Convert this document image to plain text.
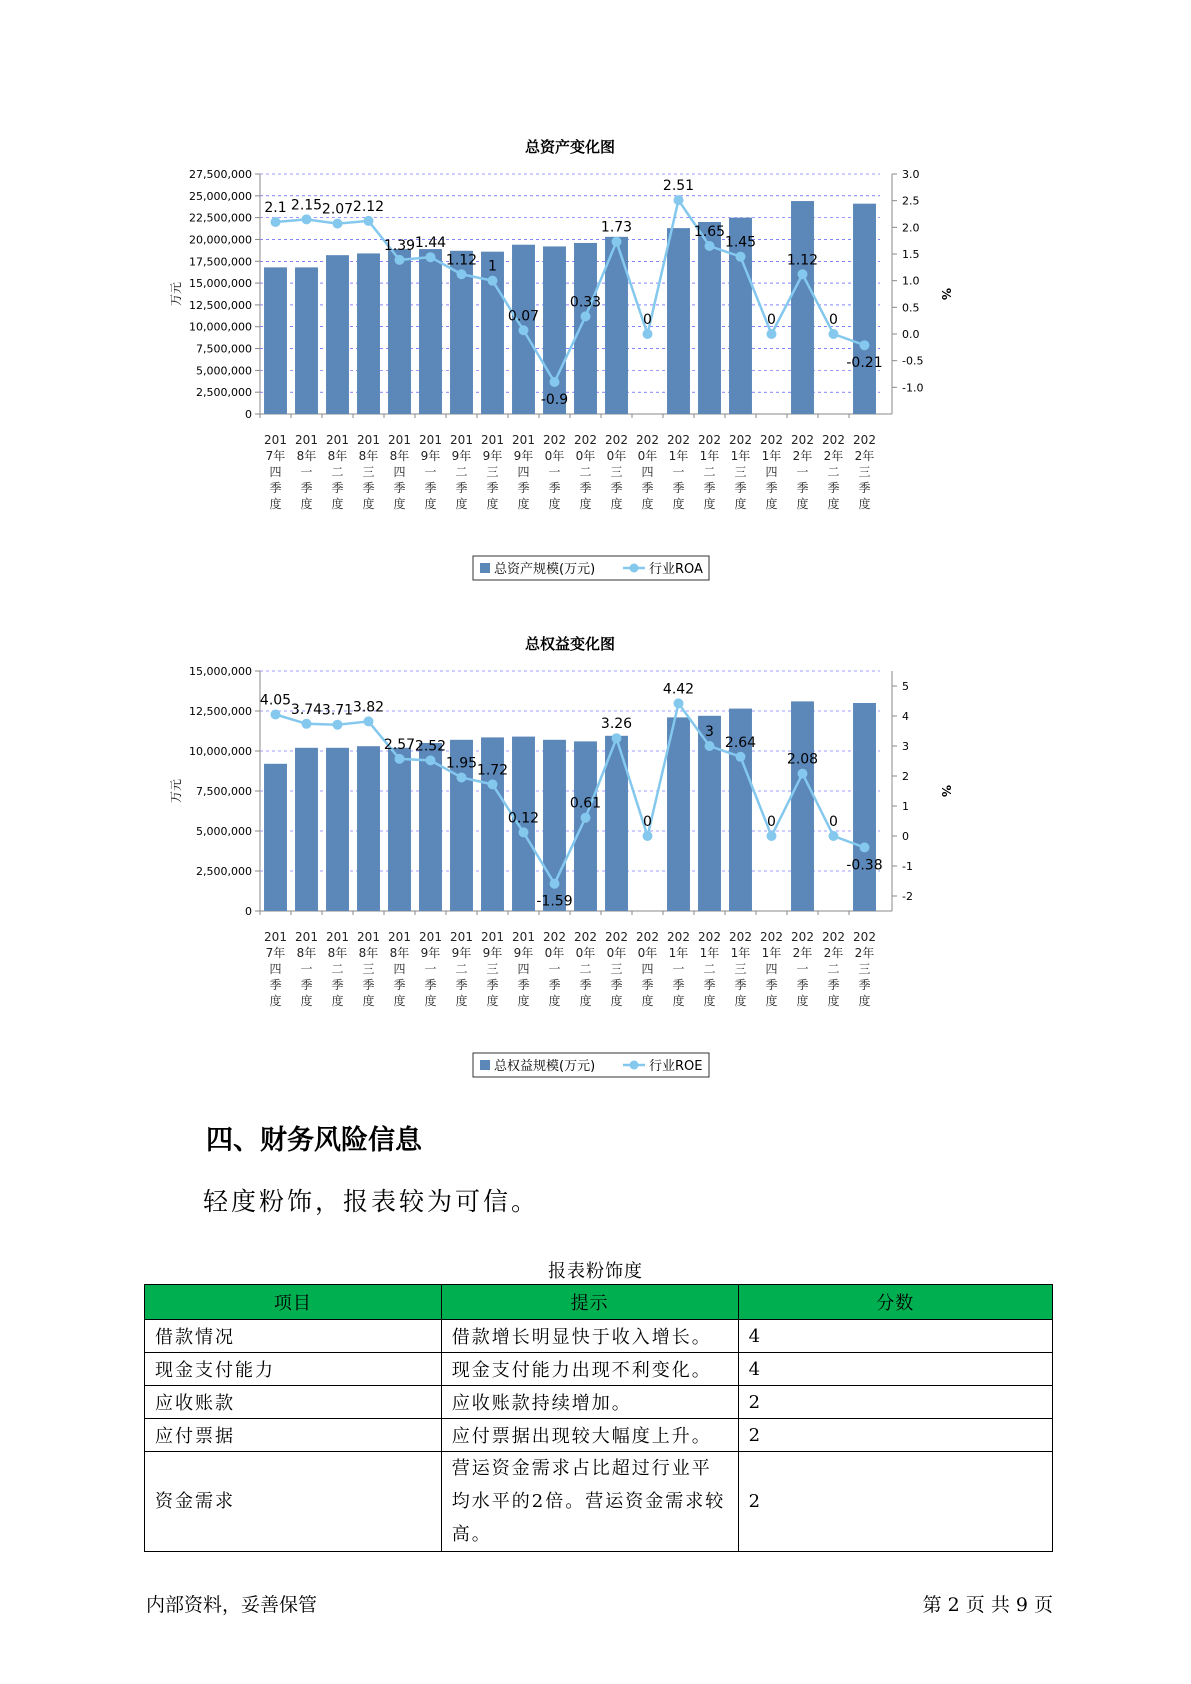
总资产变化图
27,500,000
25,000,000
22,500,000
20,000,000
17,500,000
15,000,000
12,500,000
10,000,000
7,500,000
5,000,000
2,500,000
0
3.0
2.5
2.0
1.5
1.0
0.5
0.0
-0.5
-1.0
万元	%
201
7年
四
季
度
201
8年
一
季
度
201
8年
二
季
度
201
8年
三
季
度
201
8年
四
季
度
201
9年
一
季
度
201
9年
二
季
度
201
9年
三
季
度
201
9年
四
季
度
202
0年
一
季
度
202
0年
二
季
度
202
0年
三
季
度
202
0年
四
季
度
202
1年
一
季
度
202
1年
二
季
度
202
1年
三
季
度
202
1年
四
季
度
202
2年
一
季
度
202
2年
二
季
度
202
2年
三
季
度
2.1 2.15 2.07 2.12
1.39 1.44
1.12 1
0.07
-0.9
0.33
1.73
0
2.51
1.65
1.45
0
1.12
0
-0.21
总资产规模(万元)	行业ROA
总权益变化图
15,000,000
12,500,000
10,000,000
7,500,000
5,000,000
2,500,000
0
5
4
3
2
1
0
-1
-2
万元	%
201
7年
四
季
度
201
8年
一
季
度
201
8年
二
季
度
201
8年
三
季
度
201
8年
四
季
度
201
9年
一
季
度
201
9年
二
季
度
201
9年
三
季
度
201
9年
四
季
度
202
0年
一
季
度
202
0年
二
季
度
202
0年
三
季
度
202
0年
四
季
度
202
1年
一
季
度
202
1年
二
季
度
202
1年
三
季
度
202
1年
四
季
度
202
2年
一
季
度
202
2年
二
季
度
202
2年
三
季
度
4.05
3.74 3.71 3.82
2.57 2.52
1.95 1.72
0.12
-1.59
0.61
3.26
0
4.42
3
2.64
0
2.08
0
-0.38
总权益规模(万元)	行业ROE
四、财务风险信息
轻度粉饰，报表较为可信。
报表粉饰度
项目	提示	分数
借款情况	借款增长明显快于收入增长。	4
现金支付能力	现金支付能力出现不利变化。	4
应收账款	应收账款持续增加。	2
应付票据	应付票据出现较大幅度上升。	2
资金需求	营运资金需求占比超过行业平均水平的2倍。营运资金需求较高。	2
内部资料，妥善保管	第 2 页 共 9 页
